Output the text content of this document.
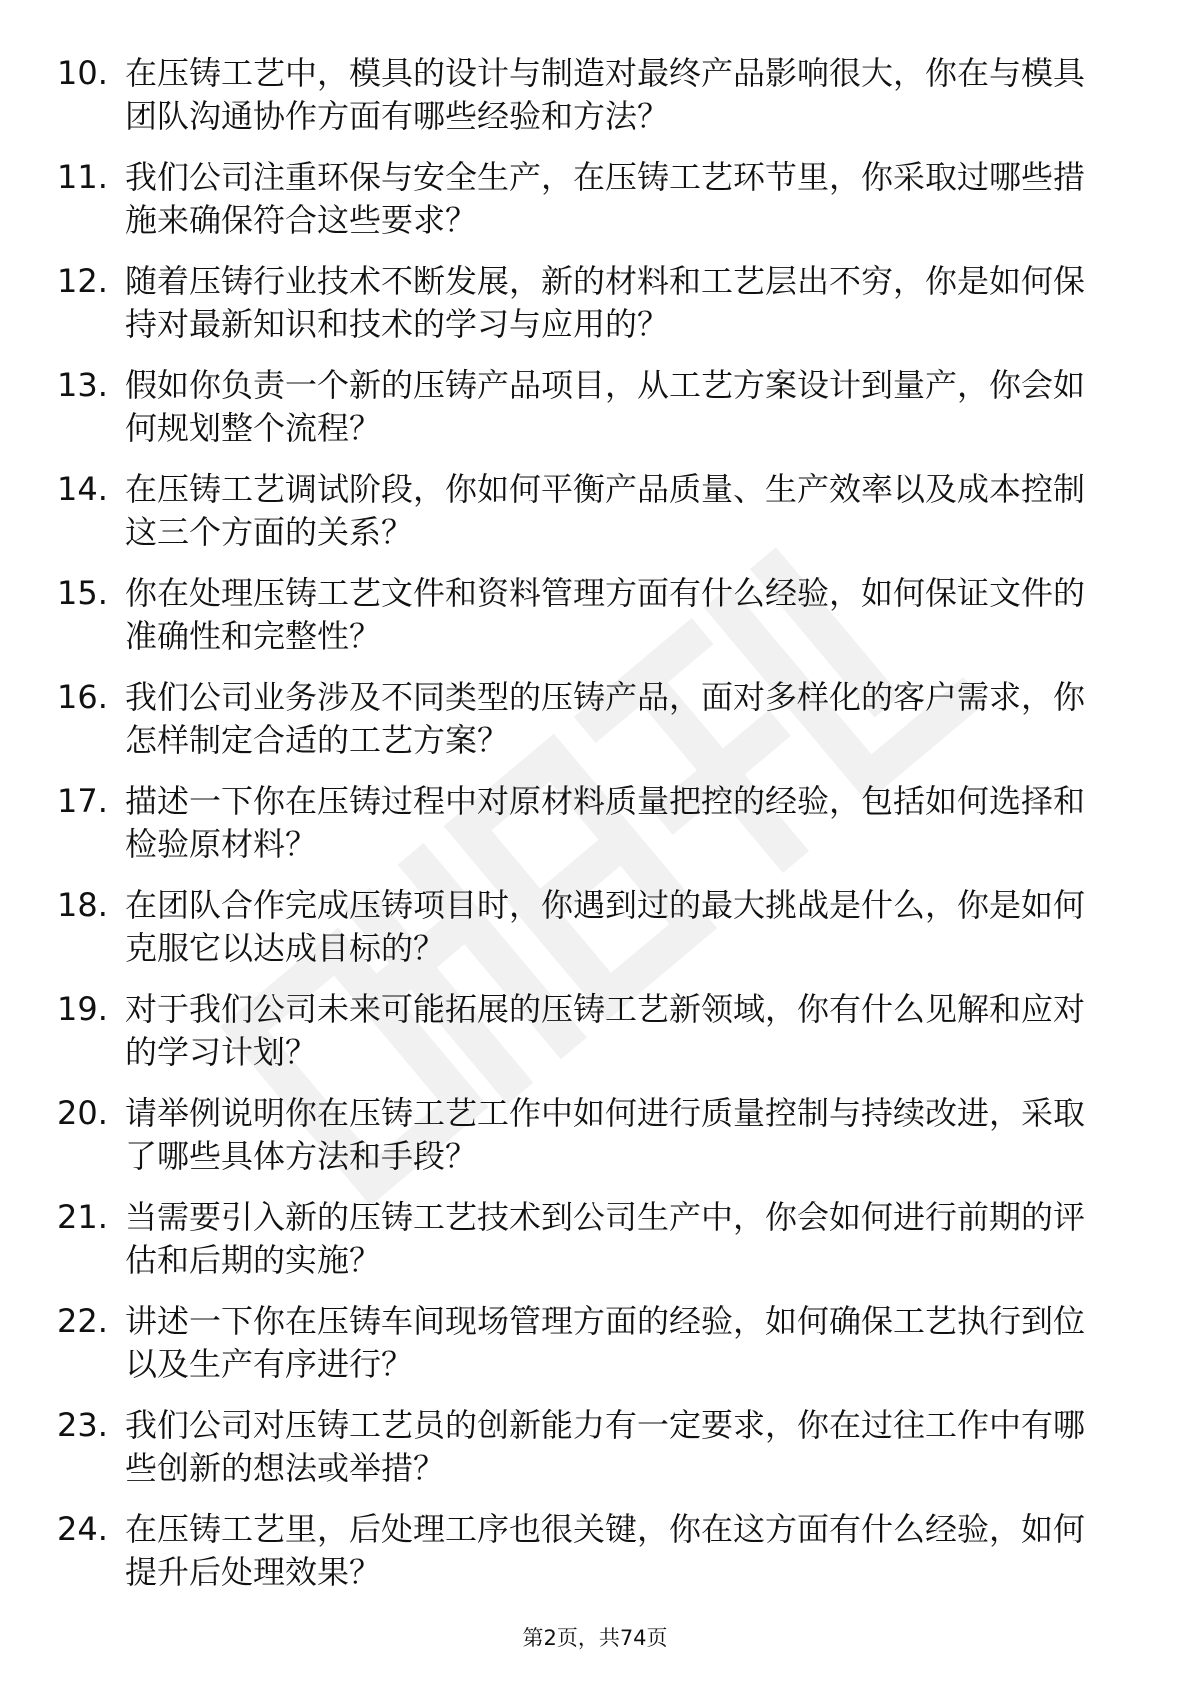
10. 在压铸工艺中，模具的设计与制造对最终产品影响很大，你在与模具团队沟通协作方面有哪些经验和方法？
11. 我们公司注重环保与安全生产，在压铸工艺环节里，你采取过哪些措施来确保符合这些要求？
12. 随着压铸行业技术不断发展，新的材料和工艺层出不穷，你是如何保持对最新知识和技术的学习与应用的？
13. 假如你负责一个新的压铸产品项目，从工艺方案设计到量产，你会如何规划整个流程？
14. 在压铸工艺调试阶段，你如何平衡产品质量、生产效率以及成本控制这三个方面的关系？
15. 你在处理压铸工艺文件和资料管理方面有什么经验，如何保证文件的准确性和完整性？
16. 我们公司业务涉及不同类型的压铸产品，面对多样化的客户需求，你怎样制定合适的工艺方案？
17. 描述一下你在压铸过程中对原材料质量把控的经验，包括如何选择和检验原材料？
18. 在团队合作完成压铸项目时，你遇到过的最大挑战是什么，你是如何克服它以达成目标的？
19. 对于我们公司未来可能拓展的压铸工艺新领域，你有什么见解和应对的学习计划？
20. 请举例说明你在压铸工艺工作中如何进行质量控制与持续改进，采取了哪些具体方法和手段？
21. 当需要引入新的压铸工艺技术到公司生产中，你会如何进行前期的评估和后期的实施？
22. 讲述一下你在压铸车间现场管理方面的经验，如何确保工艺执行到位以及生产有序进行？
23. 我们公司对压铸工艺员的创新能力有一定要求，你在过往工作中有哪些创新的想法或举措？
24. 在压铸工艺里，后处理工序也很关键，你在这方面有什么经验，如何提升后处理效果？
第2页，共74页
